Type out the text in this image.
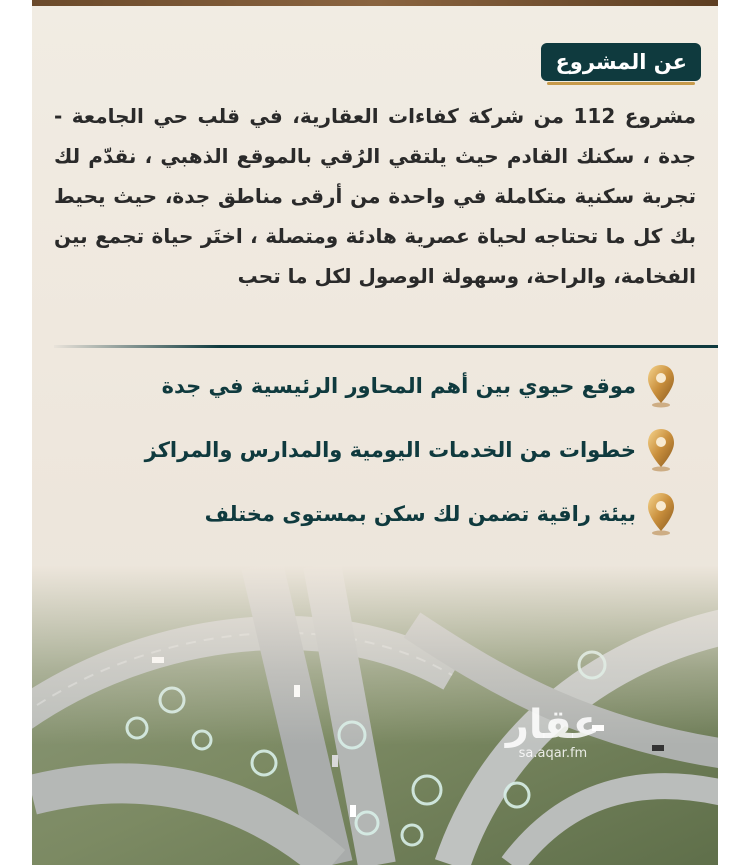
عن المشروع

مشروع 112 من شركة كفاءات العقارية، في قلب حي الجامعة - جدة ، سكنك القادم حيث يلتقي الرُقي بالموقع الذهبي ، نقدّم لك تجربة سكنية متكاملة في واحدة من أرقى مناطق جدة، حيث يحيط بك كل ما تحتاجه لحياة عصرية هادئة ومتصلة ، اختَر حياة تجمع بين الفخامة، والراحة، وسهولة الوصول لكل ما تحب

موقع حيوي بين أهم المحاور الرئيسية في جدة
خطوات من الخدمات اليومية والمدارس والمراكز
بيئة راقية تضمن لك سكن بمستوى مختلف
عقار
sa.aqar.fm
